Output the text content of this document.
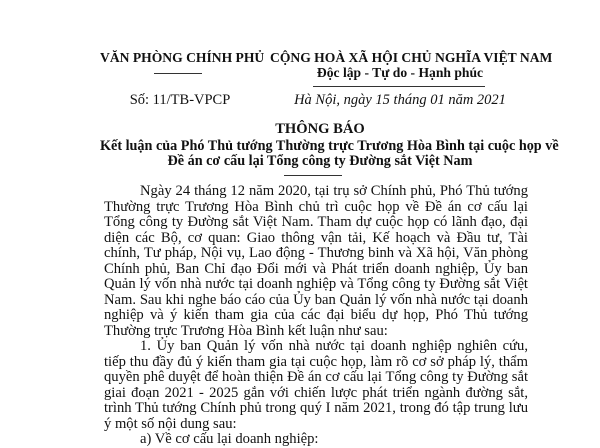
VĂN PHÒNG CHÍNH PHỦ CỘNG HOÀ XÃ HỘI CHỦ NGHĨA VIỆT NAM
Độc lập - Tự do - Hạnh phúc
Số: 11/TB-VPCP	Hà Nội, ngày 15 tháng 01 năm 2021
THÔNG BÁO
Kết luận của Phó Thủ tướng Thường trực Trương Hòa Bình tại cuộc họp về
Đề án cơ cấu lại Tổng công ty Đường sắt Việt Nam

Ngày 24 tháng 12 năm 2020, tại trụ sở Chính phủ, Phó Thủ tướng Thường trực Trương Hòa Bình chủ trì cuộc họp về Đề án cơ cấu lại Tổng công ty Đường sắt Việt Nam. Tham dự cuộc họp có lãnh đạo, đại diện các Bộ, cơ quan: Giao thông vận tải, Kế hoạch và Đầu tư, Tài chính, Tư pháp, Nội vụ, Lao động - Thương binh và Xã hội, Văn phòng Chính phủ, Ban Chỉ đạo Đổi mới và Phát triển doanh nghiệp, Ủy ban Quản lý vốn nhà nước tại doanh nghiệp và Tổng công ty Đường sắt Việt Nam. Sau khi nghe báo cáo của Ủy ban Quản lý vốn nhà nước tại doanh nghiệp và ý kiến tham gia của các đại biểu dự họp, Phó Thủ tướng Thường trực Trương Hòa Bình kết luận như sau:

1. Ủy ban Quản lý vốn nhà nước tại doanh nghiệp nghiên cứu, tiếp thu đầy đủ ý kiến tham gia tại cuộc họp, làm rõ cơ sở pháp lý, thẩm quyền phê duyệt để hoàn thiện Đề án cơ cấu lại Tổng công ty Đường sắt giai đoạn 2021 - 2025 gắn với chiến lược phát triển ngành đường sắt, trình Thủ tướng Chính phủ trong quý I năm 2021, trong đó tập trung lưu ý một số nội dung sau:

a) Về cơ cấu lại doanh nghiệp:
